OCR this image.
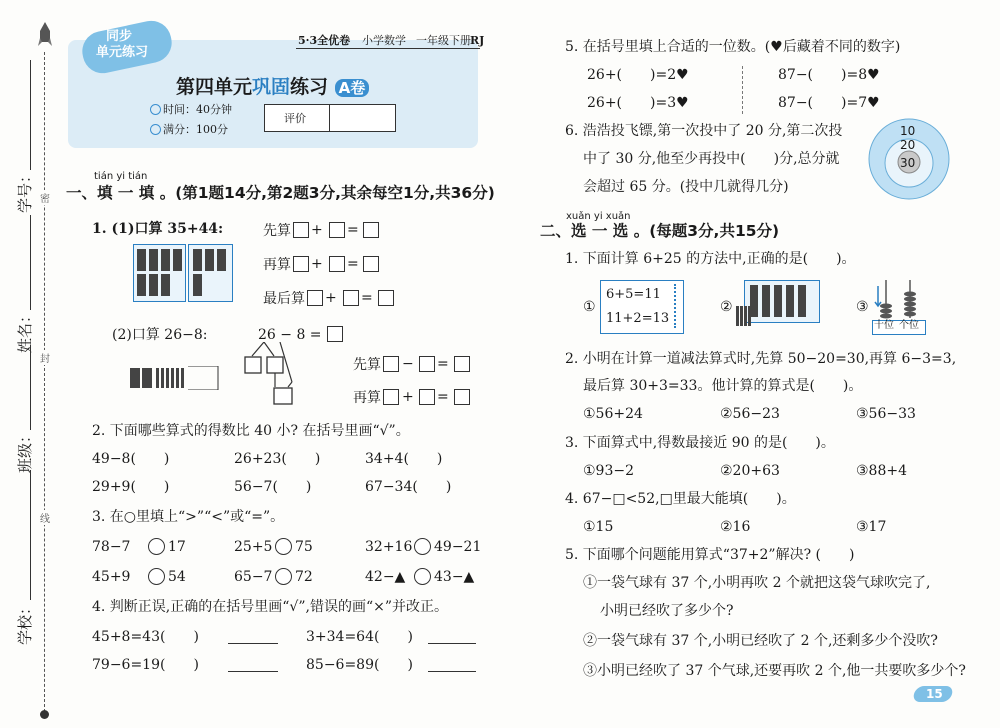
学号：
姓名：
班级：
学校：
密
封
线
同步
单元练习
5·3全优卷 小学数学 一年级下册 RJ
第四单元巩固练习 A卷
时间：40分钟
满分：100分
评价
tián yi tián
一、填 一 填 。(第1题14分,第2题3分,其余每空1分,共36分)
1. (1)口算 35+44:	先算 + =
再算 + =
最后算 + =
(2)口算 26−8:	26 − 8 =
先算 − =
再算 + =
2. 下面哪些算式的得数比 40 小? 在括号里画“√”。
49−8(　　)	26+23(　　)	34+4(　　)
29+9(　　)	56−7(　　)	67−34(　　)
3. 在○里填上“>”“<”或“=”。
78−7	17	25+5 75	32+16 49−21
45+9	54	65−7 72	42−▲ 43−▲
4. 判断正误,正确的在括号里画“√”,错误的画“×”并改正。
45+8=43(　　)	3+34=64(　　)
79−6=19(　　)	85−6=89(　　)
5. 在括号里填上合适的一位数。(♥后藏着不同的数字)
26+(　　)=2♥	87−(　　)=8♥
26+(　　)=3♥	87−(　　)=7♥
6. 浩浩投飞镖,第一次投中了 20 分,第二次投
中了 30 分,他至少再投中(　　)分,总分就
会超过 65 分。(投中几就得几分)
10
20
30
xuǎn yi xuǎn
二、选 一 选 。(每题3分,共15分)
1. 下面计算 6+25 的方法中,正确的是(　　)。
①
6+5=11
11+2=13
②	③
十位 个位
2. 小明在计算一道减法算式时,先算 50−20=30,再算 6−3=3,
最后算 30+3=33。他计算的算式是(　　)。
①56+24	②56−23	③56−33
3. 下面算式中,得数最接近 90 的是(　　)。
①93−2	②20+63	③88+4
4. 67−□<52,□里最大能填(　　)。
①15	②16	③17
5. 下面哪个问题能用算式“37+2”解决? (　　)
①一袋气球有 37 个,小明再吹 2 个就把这袋气球吹完了,
小明已经吹了多少个?
②一袋气球有 37 个,小明已经吹了 2 个,还剩多少个没吹?
③小明已经吹了 37 个气球,还要再吹 2 个,他一共要吹多少个?
15
